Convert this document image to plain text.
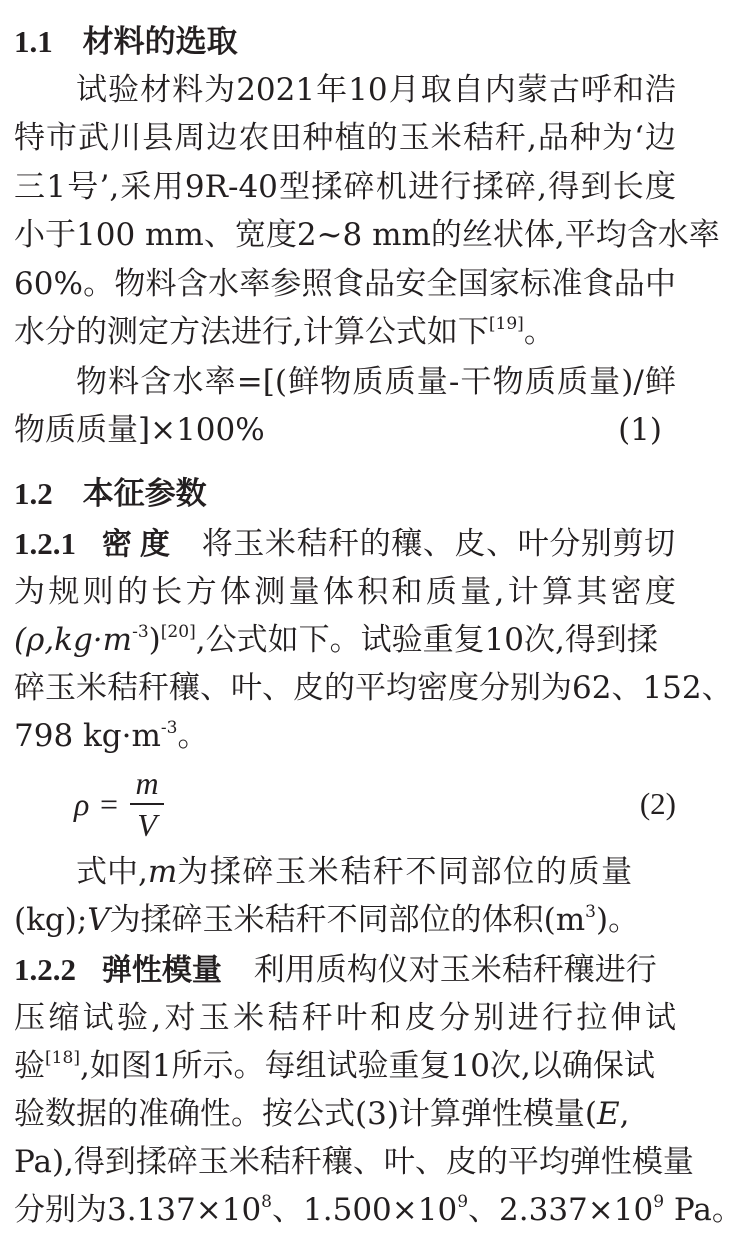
1.1 材料的选取
试验材料为2021年10月取自内蒙古呼和浩
特市武川县周边农田种植的玉米秸秆,品种为‘边
三1号’,采用9R-40型揉碎机进行揉碎,得到长度
小于100 mm、宽度2~8 mm的丝状体,平均含水率
60%。物料含水率参照食品安全国家标准食品中
水分的测定方法进行,计算公式如下[19]。
物料含水率=[(鲜物质质量-干物质质量)/鲜
物质质量]×100%	(1)
1.2 本征参数
1.2.1 密度 将玉米秸秆的穰、皮、叶分别剪切
为规则的长方体测量体积和质量,计算其密度
$(\rho,kg\cdot m^{-3})[20]$,公式如下。试验重复10次,得到揉
碎玉米秸秆穰、叶、皮的平均密度分别为62、152、
798 $kg\cdot m^{-3}$。
ρ =
m
V
(2)
式中,m为揉碎玉米秸秆不同部位的质量
(kg);V为揉碎玉米秸秆不同部位的体积$(m^3)$。
1.2.2 弹性模量 利用质构仪对玉米秸秆穰进行
压缩试验,对玉米秸秆叶和皮分别进行拉伸试
验[18],如图1所示。每组试验重复10次,以确保试
验数据的准确性。按公式(3)计算弹性模量(E,
Pa),得到揉碎玉米秸秆穰、叶、皮的平均弹性模量
分别为$3.137\times 10^8$、$1.500\times 10^9$、$2.337\times 10^9$ Pa。
